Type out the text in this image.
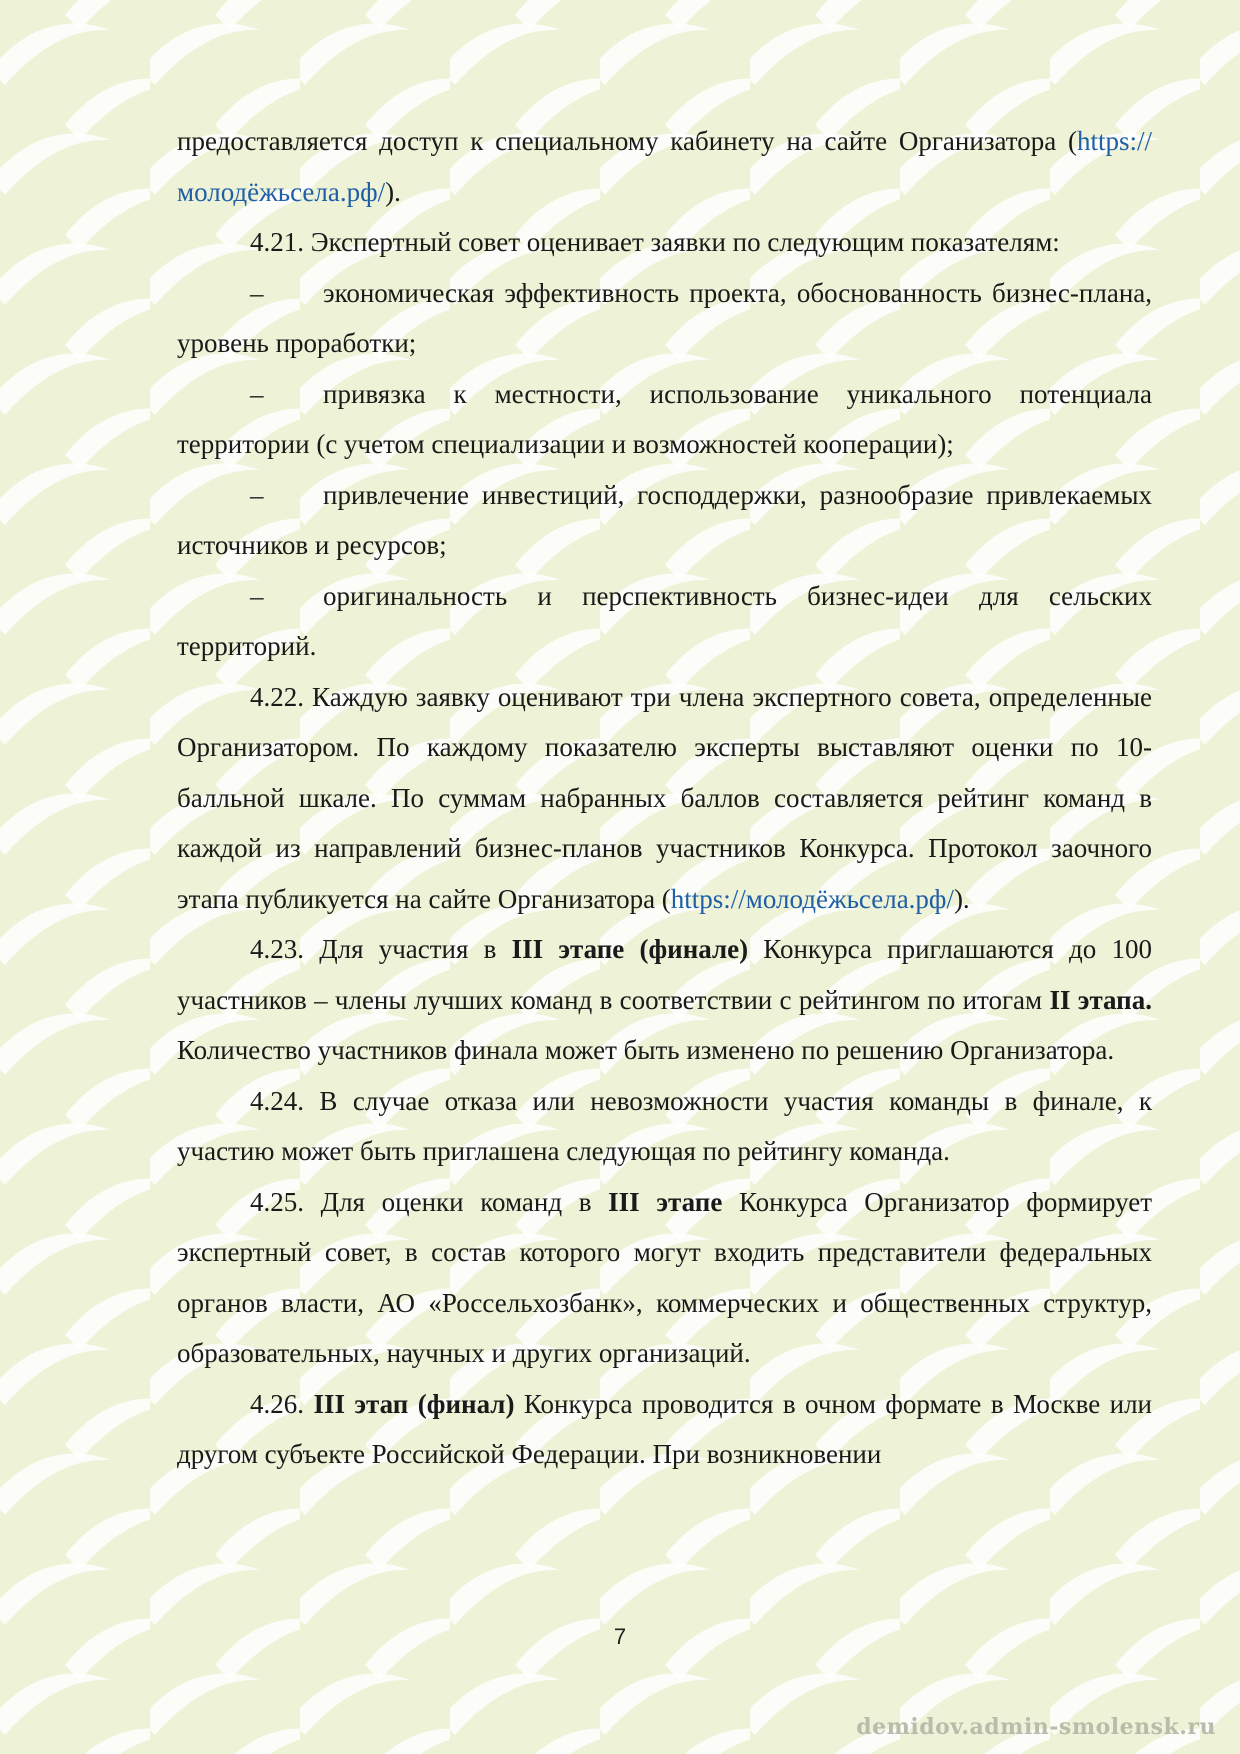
предоставляется доступ к специальному кабинету на сайте Организатора (https://молодёжьсела.рф/).

4.21. Экспертный совет оценивает заявки по следующим показателям:

– экономическая эффективность проекта, обоснованность бизнес-плана, уровень проработки;

– привязка к местности, использование уникального потенциала территории (с учетом специализации и возможностей кооперации);

– привлечение инвестиций, господдержки, разнообразие привлекаемых источников и ресурсов;

– оригинальность и перспективность бизнес-идеи для сельских территорий.

4.22. Каждую заявку оценивают три члена экспертного совета, определенные Организатором. По каждому показателю эксперты выставляют оценки по 10-балльной шкале. По суммам набранных баллов составляется рейтинг команд в каждой из направлений бизнес-планов участников Конкурса. Протокол заочного этапа публикуется на сайте Организатора (https://молодёжьсела.рф/).

4.23. Для участия в III этапе (финале) Конкурса приглашаются до 100 участников – члены лучших команд в соответствии с рейтингом по итогам II этапа. Количество участников финала может быть изменено по решению Организатора.

4.24. В случае отказа или невозможности участия команды в финале, к участию может быть приглашена следующая по рейтингу команда.

4.25. Для оценки команд в III этапе Конкурса Организатор формирует экспертный совет, в состав которого могут входить представители федеральных органов власти, АО «Россельхозбанк», коммерческих и общественных структур, образовательных, научных и других организаций.

4.26. III этап (финал) Конкурса проводится в очном формате в Москве или другом субъекте Российской Федерации. При возникновении

7
demidov.admin-smolensk.ru
